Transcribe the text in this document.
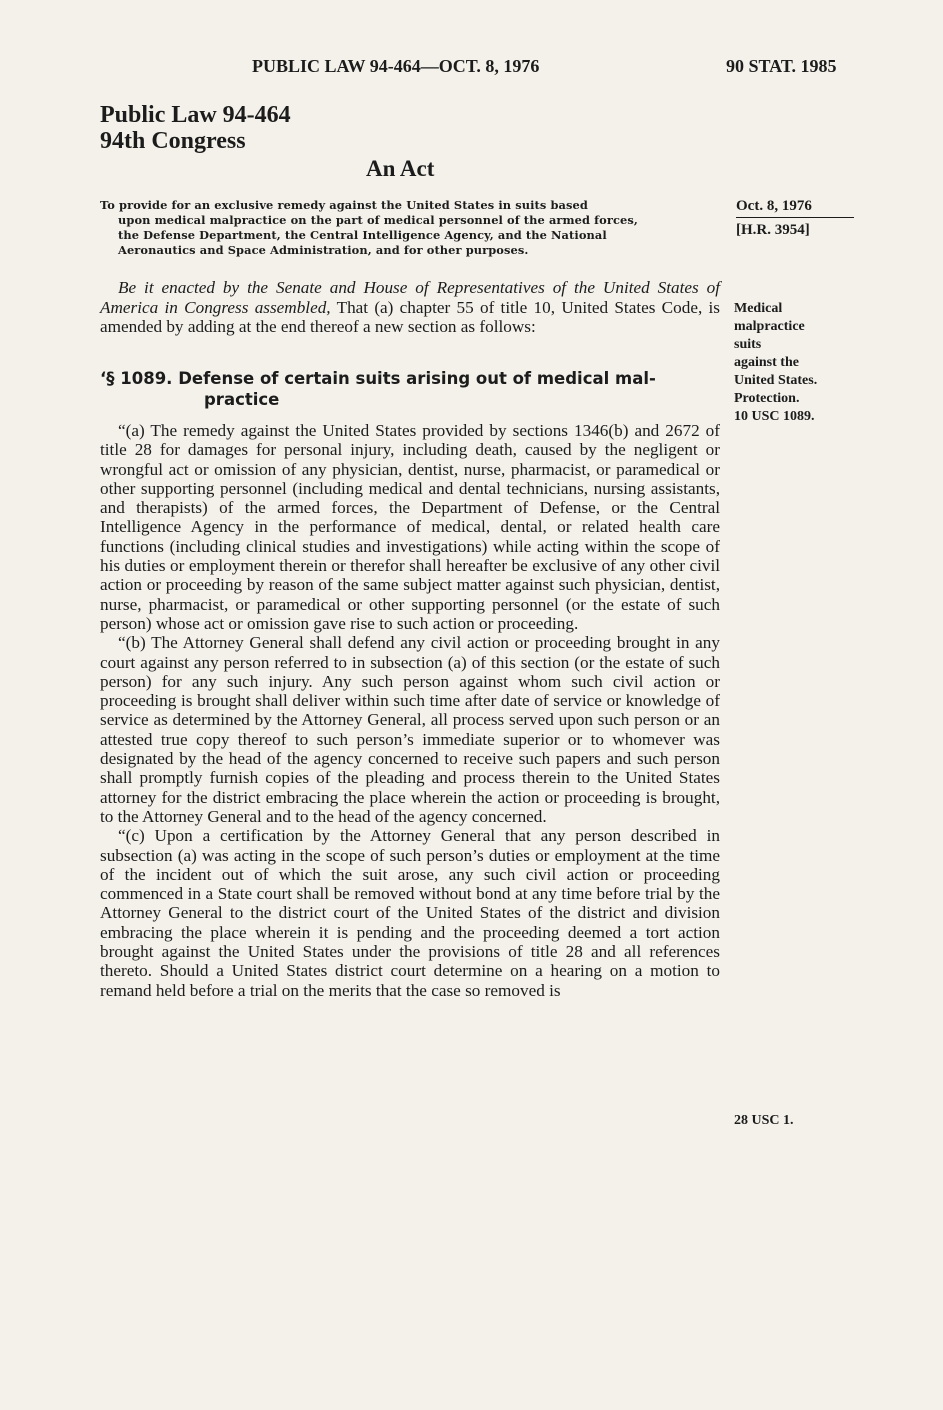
PUBLIC LAW 94-464—OCT. 8, 1976	90 STAT. 1985
Public Law 94-464
94th Congress
An Act

To provide for an exclusive remedy against the United States in suits based

upon medical malpractice on the part of medical personnel of the armed forces,

the Defense Department, the Central Intelligence Agency, and the National

Aeronautics and Space Administration, and for other purposes.

Oct. 8, 1976
[H.R. 3954]

Be it enacted by the Senate and House of Representatives of the United States of America in Congress assembled, That (a) chapter 55 of title 10, United States Code, is amended by adding at the end thereof a new section as follows:

‘§ 1089. Defense of certain suits arising out of medical mal-
practice

“(a) The remedy against the United States provided by sections 1346(b) and 2672 of title 28 for damages for personal injury, including death, caused by the negligent or wrongful act or omission of any physician, dentist, nurse, pharmacist, or paramedical or other supporting personnel (including medical and dental technicians, nursing assistants, and therapists) of the armed forces, the Department of Defense, or the Central Intelligence Agency in the performance of medical, dental, or related health care functions (including clinical studies and investigations) while acting within the scope of his duties or employment therein or therefor shall hereafter be exclusive of any other civil action or proceeding by reason of the same subject matter against such physician, dentist, nurse, pharmacist, or paramedical or other supporting personnel (or the estate of such person) whose act or omission gave rise to such action or proceeding.

“(b) The Attorney General shall defend any civil action or proceeding brought in any court against any person referred to in subsection (a) of this section (or the estate of such person) for any such injury. Any such person against whom such civil action or proceeding is brought shall deliver within such time after date of service or knowledge of service as determined by the Attorney General, all process served upon such person or an attested true copy thereof to such person’s immediate superior or to whomever was designated by the head of the agency concerned to receive such papers and such person shall promptly furnish copies of the pleading and process therein to the United States attorney for the district embracing the place wherein the action or proceeding is brought, to the Attorney General and to the head of the agency concerned.

“(c) Upon a certification by the Attorney General that any person described in subsection (a) was acting in the scope of such person’s duties or employment at the time of the incident out of which the suit arose, any such civil action or proceeding commenced in a State court shall be removed without bond at any time before trial by the Attorney General to the district court of the United States of the district and division embracing the place wherein it is pending and the proceeding deemed a tort action brought against the United States under the provisions of title 28 and all references thereto. Should a United States district court determine on a hearing on a motion to remand held before a trial on the merits that the case so removed is

Medical
malpractice
suits
against the
United States.
Protection.
10 USC 1089.
28 USC 1.
